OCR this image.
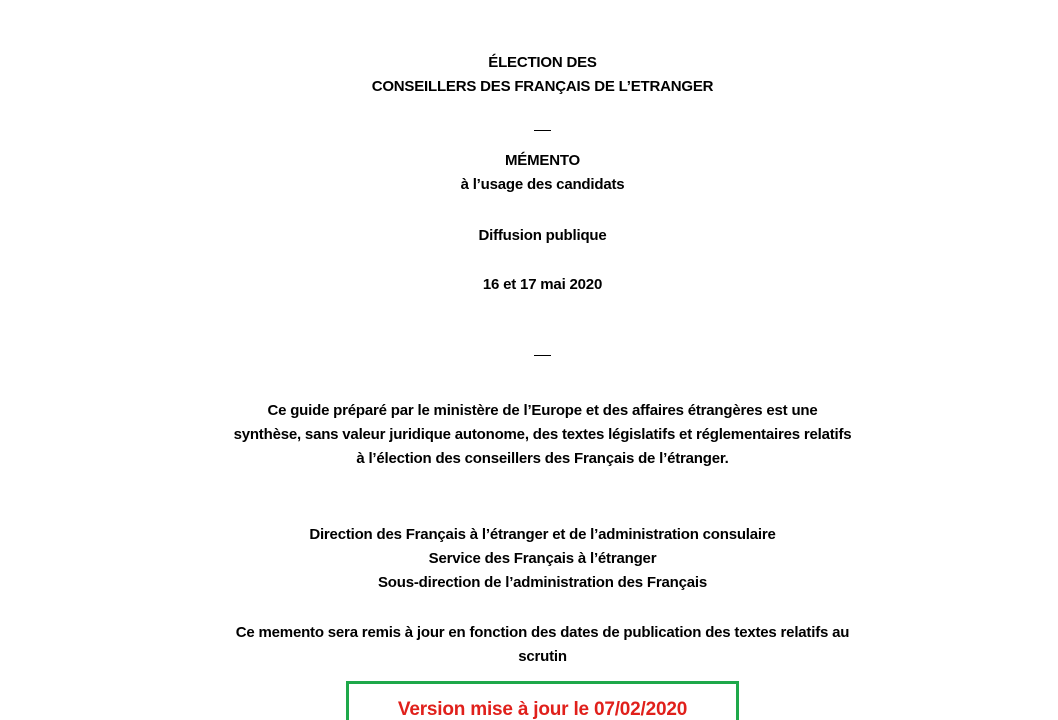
ÉLECTION DES
CONSEILLERS DES FRANÇAIS DE L’ETRANGER
MÉMENTO
à l’usage des candidats
Diffusion publique
16 et 17 mai 2020
Ce guide préparé par le ministère de l’Europe et des affaires étrangères est une
synthèse, sans valeur juridique autonome, des textes législatifs et réglementaires relatifs
à l’élection des conseillers des Français de l’étranger.
Direction des Français à l’étranger et de l’administration consulaire
Service des Français à l’étranger
Sous-direction de l’administration des Français
Ce memento sera remis à jour en fonction des dates de publication des textes relatifs au
scrutin
Version mise à jour le 07/02/2020
